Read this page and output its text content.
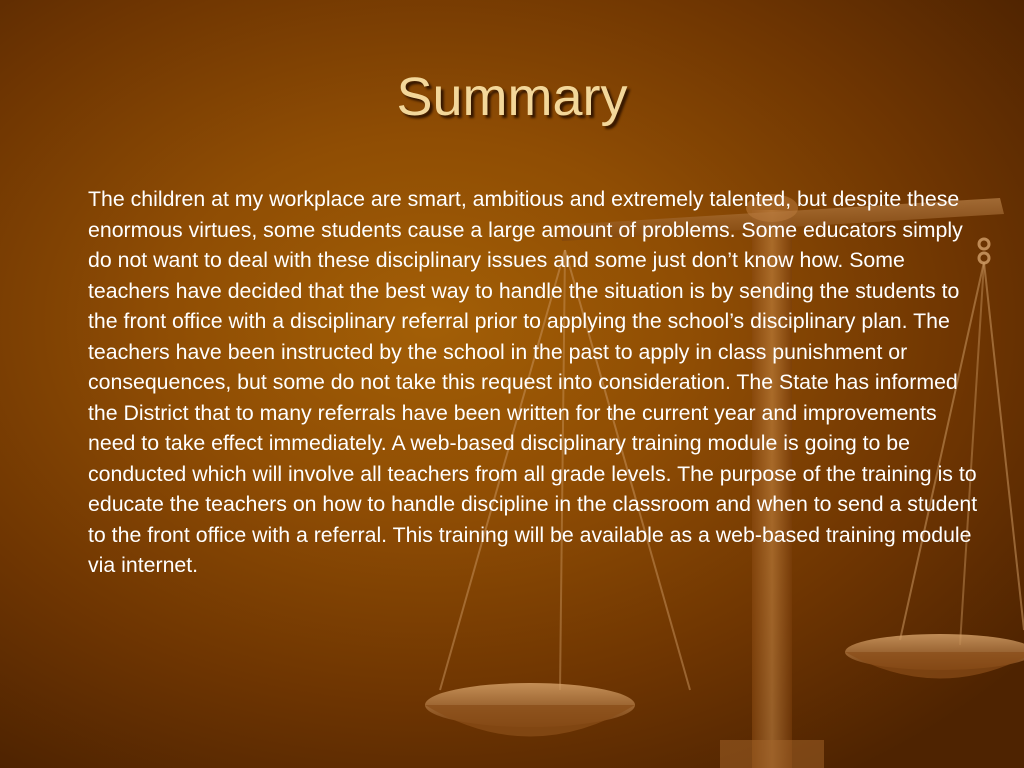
Summary

The children at my workplace are smart, ambitious and extremely talented, but despite these enormous virtues, some students cause a large amount of problems. Some educators simply do not want to deal with these disciplinary issues and some just don’t know how. Some teachers have decided that the best way to handle the situation is by sending the students to the front office with a disciplinary referral prior to applying the school’s disciplinary plan. The teachers have been instructed by the school in the past to apply in class punishment or consequences, but some do not take this request into consideration. The State has informed the District that to many referrals have been written for the current year and improvements need to take effect immediately. A web-based disciplinary training module is going to be conducted which will involve all teachers from all grade levels. The purpose of the training is to educate the teachers on how to handle discipline in the classroom and when to send a student to the front office with a referral. This training will be available as a web-based training module via internet.
